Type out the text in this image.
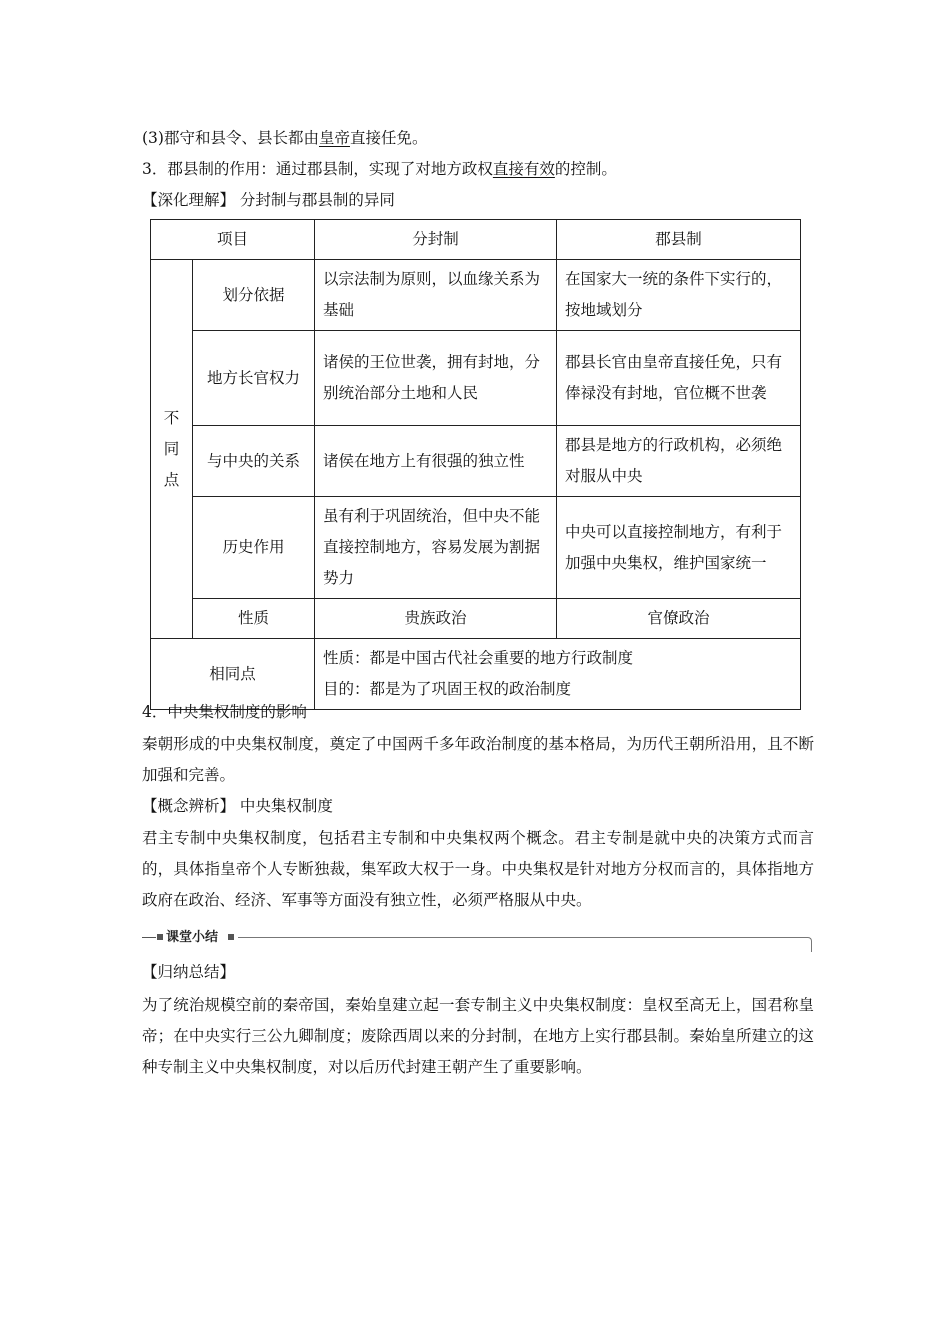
(3)郡守和县令、县长都由皇帝直接任免。
3．郡县制的作用：通过郡县制，实现了对地方政权直接有效的控制。
【深化理解】 分封制与郡县制的异同
项目		分封制	郡县制

不
同
点	划分依据	以宗法制为原则，以血缘关系为基础	在国家大一统的条件下实行的，按地域划分
	地方长官权力	诸侯的王位世袭，拥有封地，分别统治部分土地和人民	郡县长官由皇帝直接任免，只有俸禄没有封地，官位概不世袭
	与中央的关系	诸侯在地方上有很强的独立性	郡县是地方的行政机构，必须绝对服从中央
	历史作用	虽有利于巩固统治，但中央不能直接控制地方，容易发展为割据势力	中央可以直接控制地方，有利于加强中央集权，维护国家统一
	性质	贵族政治	官僚政治
相同点		性质：都是中国古代社会重要的地方行政制度
目的：都是为了巩固王权的政治制度	
4．中央集权制度的影响
秦朝形成的中央集权制度，奠定了中国两千多年政治制度的基本格局，为历代王朝所沿用，且不断加强和完善。
【概念辨析】 中央集权制度
君主专制中央集权制度，包括君主专制和中央集权两个概念。君主专制是就中央的决策方式而言的，具体指皇帝个人专断独裁，集军政大权于一身。中央集权是针对地方分权而言的，具体指地方政府在政治、经济、军事等方面没有独立性，必须严格服从中央。
课堂小结
【归纳总结】
为了统治规模空前的秦帝国，秦始皇建立起一套专制主义中央集权制度：皇权至高无上，国君称皇帝；在中央实行三公九卿制度；废除西周以来的分封制，在地方上实行郡县制。秦始皇所建立的这种专制主义中央集权制度，对以后历代封建王朝产生了重要影响。
